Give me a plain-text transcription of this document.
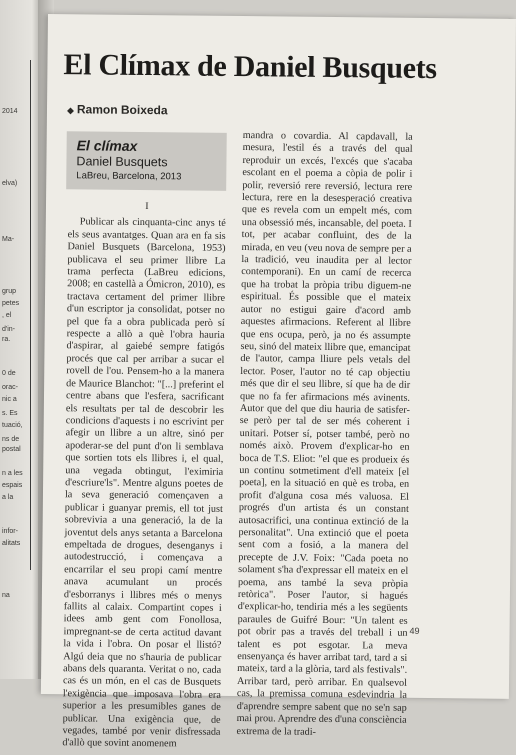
2014
elva)
Ma-
grup
petes
, el
d'in-
ra.
0 de
orac-
nic a
s. Es
tuació,
ns de
postal
n a les
espais
a la
infor-
alitats
na
El Clímax de Daniel Busquets
◆ Ramon Boixeda
El clímax
Daniel Busquets
LaBreu, Barcelona, 2013
I

Publicar als cinquanta-cinc anys té els seus avantatges. Quan ara en fa sis Daniel Busquets (Barcelona, 1953) publicava el seu primer llibre La trama perfecta (LaBreu edicions, 2008; en castellà a Ómicron, 2010), es tractava certament del primer llibre d'un escriptor ja consolidat, potser no pel que fa a obra publicada però sí respecte a allò a què l'obra hauria d'aspirar, al gaiebé sempre fatigós procés que cal per arribar a sucar el rovell de l'ou. Pensem-ho a la manera de Maurice Blanchot: "[...] preferint el centre abans que l'esfera, sacrificant els resultats per tal de descobrir les condicions d'aquests i no escrivint per afegir un llibre a un altre, sinó per apoderar-se del punt d'on li semblava que sortien tots els llibres i, el qual, una vegada obtingut, l'eximiria d'escriure'ls". Mentre alguns poetes de la seva generació començaven a publicar i guanyar premis, ell tot just sobrevivia a una generació, la de la joventut dels anys setanta a Barcelona empeltada de drogues, desenganys i autodestrucció, i començava a encarrilar el seu propi camí mentre anava acumulant un procés d'esborranys i llibres més o menys fallits al calaix. Compartint copes i idees amb gent com Fonollosa, impregnant-se de certa actitud davant la vida i l'obra. On posar el llistó? Algú deia que no s'hauria de publicar abans dels quaranta. Veritat o no, cada cas és un món, en el cas de Busquets l'exigència que imposava l'obra era superior a les presumibles ganes de publicar. Una exigència que, de vegades, també por venir disfressada d'allò que sovint anomenem

mandra o covardia. Al capdavall, la mesura, l'estil és a través del qual reproduir un excés, l'excés que s'acaba escolant en el poema a còpia de polir i polir, reversió rere reversió, lectura rere lectura, rere en la desesperació creativa que es revela com un empelt més, com una obsessió més, incansable, del poeta. I tot, per acabar confluint, des de la mirada, en veu (veu nova de sempre per a la tradició, veu inaudita per al lector contemporani). En un camí de recerca que ha trobat la pròpia tribu diguem-ne espiritual. És possible que el mateix autor no estigui gaire d'acord amb aquestes afirmacions. Referent al llibre que ens ocupa, però, ja no és assumpte seu, sinó del mateix llibre que, emancipat de l'autor, campa lliure pels vetals del lector. Poser, l'autor no té cap objectiu més que dir el seu llibre, sí que ha de dir que no fa fer afirmacions més avinents. Autor que del que diu hauria de satisfer-se però per tal de ser més coherent i unitari. Potser sí, potser també, però no només això. Provem d'explicar-ho en boca de T.S. Eliot: "el que es produeix és un continu sotmetiment d'ell mateix [el poeta], en la situació en què es troba, en profit d'alguna cosa més valuosa. El progrés d'un artista és un constant autosacrifici, una continua extinció de la personalitat". Una extinció que el poeta sent com a fosió, a la manera del precepte de J.V. Foix: "Cada poeta no solament s'ha d'expressar ell mateix en el poema, ans també la seva pròpia retòrica". Poser l'autor, si hagués d'explicar-ho, tendiria més a les següents paraules de Guifré Bour: "Un talent es pot obrir pas a través del treball i un talent es pot esgotar. La meva ensenyança és haver arribat tard, tard a si mateix, tard a la glòria, tard als festivals". Arribar tard, però arribar. En qualsevol cas, la premissa comuna esdevindria la d'aprendre sempre sabent que no se'n sap mai prou. Aprendre des d'una consciència extrema de la tradi-

49
